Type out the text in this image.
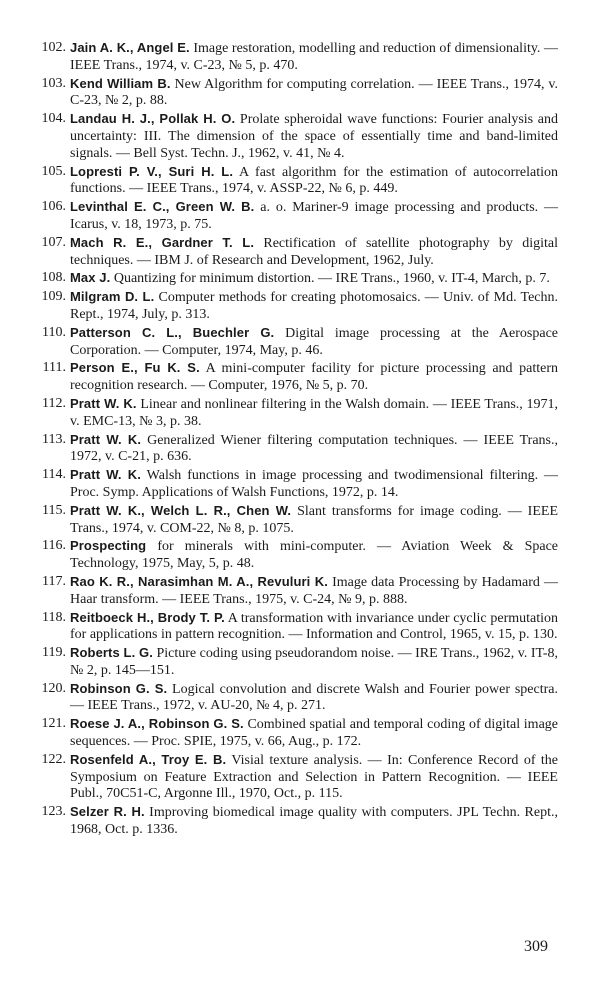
102. Jain A. K., Angel E. Image restoration, modelling and reduction of dimensionality. — IEEE Trans., 1974, v. C-23, № 5, p. 470.
103. Kend William B. New Algorithm for computing correlation. — IEEE Trans., 1974, v. C-23, № 2, p. 88.
104. Landau H. J., Pollak H. O. Prolate spheroidal wave functions: Fourier analysis and uncertainty: III. The dimension of the space of essentially time and band-limited signals. — Bell Syst. Techn. J., 1962, v. 41, № 4.
105. Lopresti P. V., Suri H. L. A fast algorithm for the estimation of autocorrelation functions. — IEEE Trans., 1974, v. ASSP-22, № 6, p. 449.
106. Levinthal E. C., Green W. B. a. o. Mariner-9 image processing and products. — Icarus, v. 18, 1973, p. 75.
107. Mach R. E., Gardner T. L. Rectification of satellite photography by digital techniques. — IBM J. of Research and Development, 1962, July.
108. Max J. Quantizing for minimum distortion. — IRE Trans., 1960, v. IT-4, March, p. 7.
109. Milgram D. L. Computer methods for creating photomosaics. — Univ. of Md. Techn. Rept., 1974, July, p. 313.
110. Patterson C. L., Buechler G. Digital image processing at the Aerospace Corporation. — Computer, 1974, May, p. 46.
111. Person E., Fu K. S. A mini-computer facility for picture processing and pattern recognition research. — Computer, 1976, № 5, p. 70.
112. Pratt W. K. Linear and nonlinear filtering in the Walsh domain. — IEEE Trans., 1971, v. EMC-13, № 3, p. 38.
113. Pratt W. K. Generalized Wiener filtering computation techniques. — IEEE Trans., 1972, v. C-21, p. 636.
114. Pratt W. K. Walsh functions in image processing and twodimensional filtering. — Proc. Symp. Applications of Walsh Functions, 1972, p. 14.
115. Pratt W. K., Welch L. R., Chen W. Slant transforms for image coding. — IEEE Trans., 1974, v. COM-22, № 8, p. 1075.
116. Prospecting for minerals with mini-computer. — Aviation Week & Space Technology, 1975, May, 5, p. 48.
117. Rao K. R., Narasimhan M. A., Revuluri K. Image data Processing by Hadamard — Haar transform. — IEEE Trans., 1975, v. C-24, № 9, p. 888.
118. Reitboeck H., Brody T. P. A transformation with invariance under cyclic permutation for applications in pattern recognition. — Information and Control, 1965, v. 15, p. 130.
119. Roberts L. G. Picture coding using pseudorandom noise. — IRE Trans., 1962, v. IT-8, № 2, p. 145—151.
120. Robinson G. S. Logical convolution and discrete Walsh and Fourier power spectra. — IEEE Trans., 1972, v. AU-20, № 4, p. 271.
121. Roese J. A., Robinson G. S. Combined spatial and temporal coding of digital image sequences. — Proc. SPIE, 1975, v. 66, Aug., p. 172.
122. Rosenfeld A., Troy E. B. Visial texture analysis. — In: Conference Record of the Symposium on Feature Extraction and Selection in Pattern Recognition. — IEEE Publ., 70C51-C, Argonne Ill., 1970, Oct., p. 115.
123. Selzer R. H. Improving biomedical image quality with computers. JPL Techn. Rept., 1968, Oct. p. 1336.
309
